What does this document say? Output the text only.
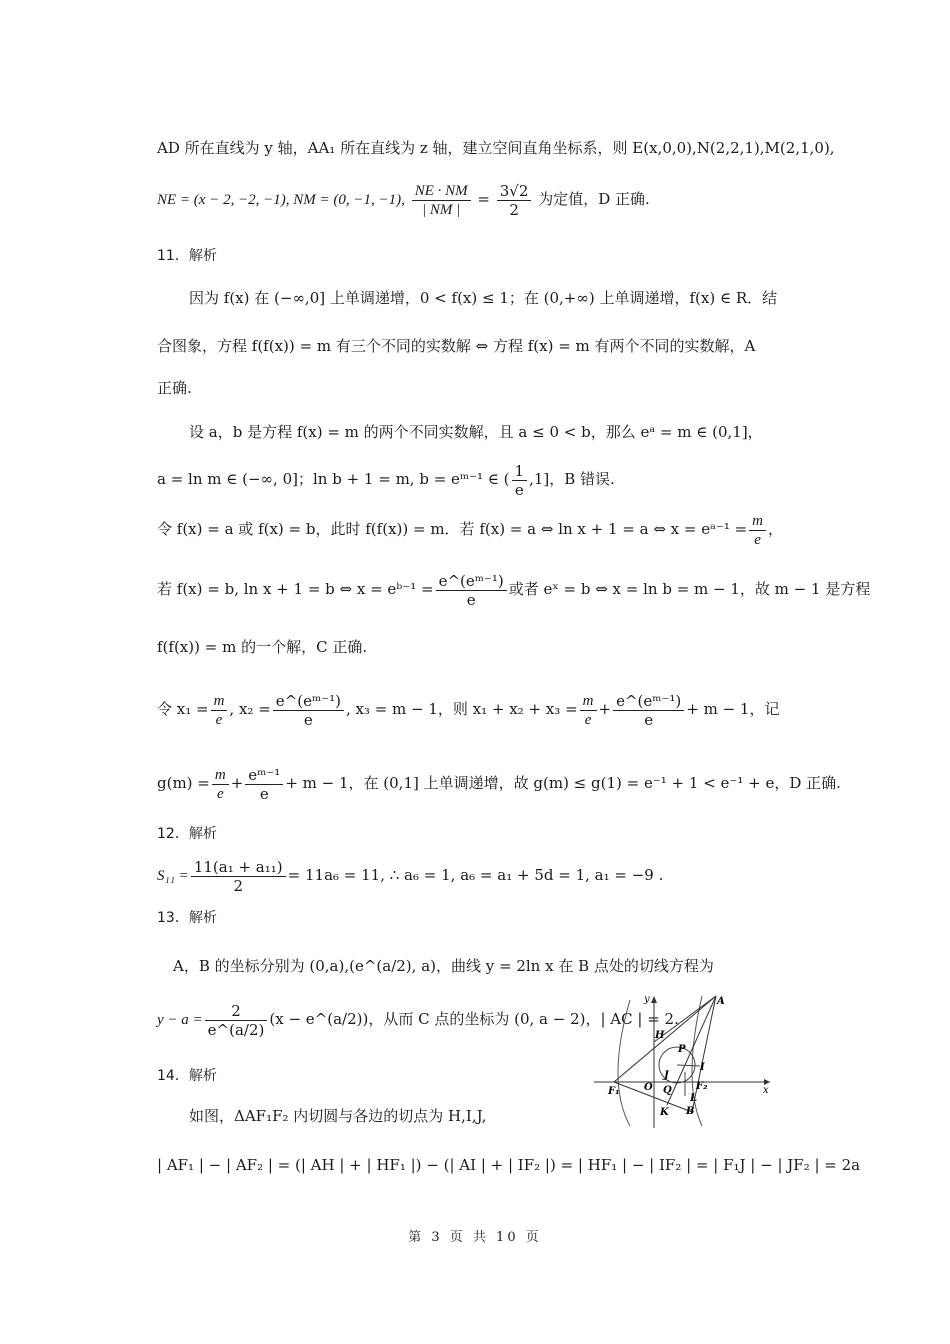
AD 所在直线为 y 轴，AA₁ 所在直线为 z 轴，建立空间直角坐标系，则 E(x,0,0),N(2,2,1),M(2,1,0),
NE = (x − 2, −2, −1), NM = (0, −1, −1), $\frac{NE \cdot NM}{| NM |} = \frac{3√2}{2}$ 为定值，D 正确.
11．解析
因为 f(x) 在 (−∞,0] 上单调递增，0 < f(x) ≤ 1；在 (0,+∞) 上单调递增，f(x) ∈ R．结
合图象，方程 f(f(x)) = m 有三个不同的实数解 ⇔ 方程 f(x) = m 有两个不同的实数解，A
正确.
设 a，b 是方程 f(x) = m 的两个不同实数解，且 a ≤ 0 < b，那么 eᵃ = m ∈ (0,1]，
a = ln m ∈ (−∞, 0]；ln b + 1 = m, b = eᵐ⁻¹ ∈ ( $\frac{1}{e} ,1$]，B 错误.
令 f(x) = a 或 f(x) = b，此时 f(f(x)) = m．若 f(x) = a ⇔ ln x + 1 = a ⇔ x = eᵃ⁻¹ = $\frac{m}{e}$ ，
若 f(x) = b, ln x + 1 = b ⇔ x = eᵇ⁻¹ = $\frac{\text{e\textasciicircum{}(eᵐ⁻¹)}}{e}$ 或者 eˣ = b ⇔ x = ln b = m − 1，故 m − 1 是方程
f(f(x)) = m 的一个解，C 正确.
令 $x_1 = \frac{m}{e}$ , $x_2 = \frac{\text{e\textasciicircum{}(eᵐ⁻¹)}}{e}$ , x₃ = m − 1，则 $x_1 + x_2 + x_3 = \frac{m}{e} + \frac{\text{e\textasciicircum{}(eᵐ⁻¹)}}{e} + m - 1$，记
$g(m) = \frac{m}{e} + \frac{\text{eᵐ⁻¹}}{e} + m - 1$，在 (0,1] 上单调递增，故 g(m) ≤ g(1) = e⁻¹ + 1 < e⁻¹ + e，D 正确.
12．解析
$S_{11} = \frac{\text{11(a₁ + a₁₁)}}{2} = 11a_6 = 11$, ∴ a₆ = 1, a₆ = a₁ + 5d = 1, a₁ = −9 .
13．解析
A，B 的坐标分别为 (0,a),(e^(a/2), a)，曲线 y = 2ln x 在 B 点处的切线方程为
$y - a = \frac{2}{e\^{}(a/2)} (x$ − e^(a/2))，从而 C 点的坐标为 (0, a − 2)，| AC | = 2.
14．解析
如图，ΔAF₁F₂ 内切圆与各边的切点为 H,I,J,
| AF₁ | − | AF₂ | = (| AH | + | HF₁ |) − (| AI | + | IF₂ |) = | HF₁ | − | IF₂ | = | F₁J | − | JF₂ | = 2a
y
x
A
H
P
I
J
F₁ O Q F₂
L
K B
第 3 页 共 10 页
